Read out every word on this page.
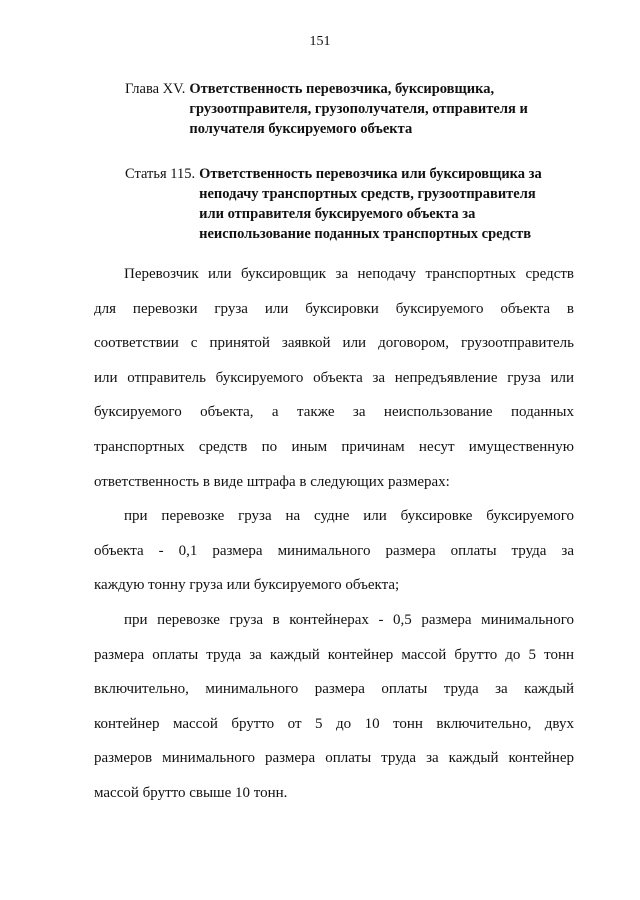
151
Глава XV. Ответственность перевозчика, буксировщика,
грузоотправителя, грузополучателя, отправителя и
получателя буксируемого объекта
Статья 115. Ответственность перевозчика или буксировщика за
неподачу транспортных средств, грузоотправителя
или отправителя буксируемого объекта за
неиспользование поданных транспортных средств
Перевозчик или буксировщик за неподачу транспортных средств
для перевозки груза или буксировки буксируемого объекта в
соответствии с принятой заявкой или договором, грузоотправитель
или отправитель буксируемого объекта за непредъявление груза или
буксируемого объекта, а также за неиспользование поданных
транспортных средств по иным причинам несут имущественную
ответственность в виде штрафа в следующих размерах:
при перевозке груза на судне или буксировке буксируемого
объекта - 0,1 размера минимального размера оплаты труда за
каждую тонну груза или буксируемого объекта;
при перевозке груза в контейнерах - 0,5 размера минимального
размера оплаты труда за каждый контейнер массой брутто до 5 тонн
включительно, минимального размера оплаты труда за каждый
контейнер массой брутто от 5 до 10 тонн включительно, двух
размеров минимального размера оплаты труда за каждый контейнер
массой брутто свыше 10 тонн.
